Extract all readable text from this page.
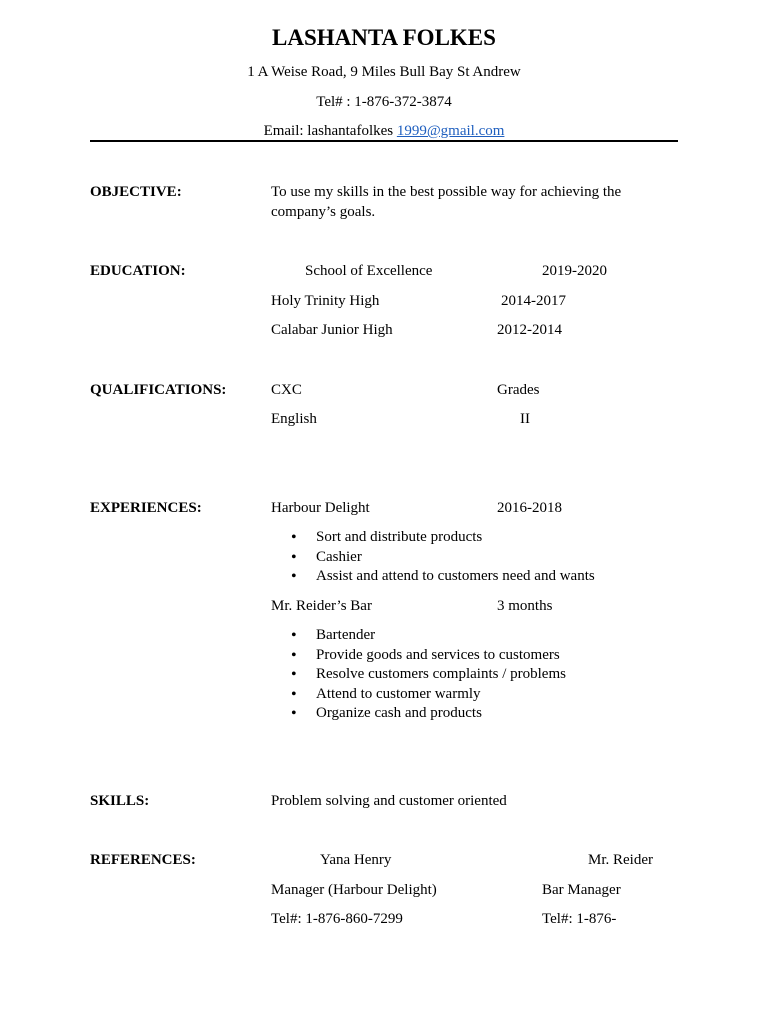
LASHANTA FOLKES
1 A Weise Road, 9 Miles Bull Bay St Andrew
Tel# : 1-876-372-3874
Email: lashantafolkes 1999@gmail.com
OBJECTIVE:	To use my skills in the best possible way for achieving the
company’s goals.
EDUCATION:	School of Excellence	2019-2020
Holy Trinity High	2014-2017
Calabar Junior High	2012-2014
QUALIFICATIONS:	CXC	Grades
English	II
EXPERIENCES:	Harbour Delight	2016-2018
• Sort and distribute products
• Cashier
• Assist and attend to customers need and wants
Mr. Reider’s Bar	3 months
• Bartender
• Provide goods and services to customers
• Resolve customers complaints / problems
• Attend to customer warmly
• Organize cash and products
SKILLS:	Problem solving and customer oriented
REFERENCES:	Yana Henry	Mr. Reider
Manager (Harbour Delight)	Bar Manager
Tel#: 1-876-860-7299	Tel#: 1-876-
